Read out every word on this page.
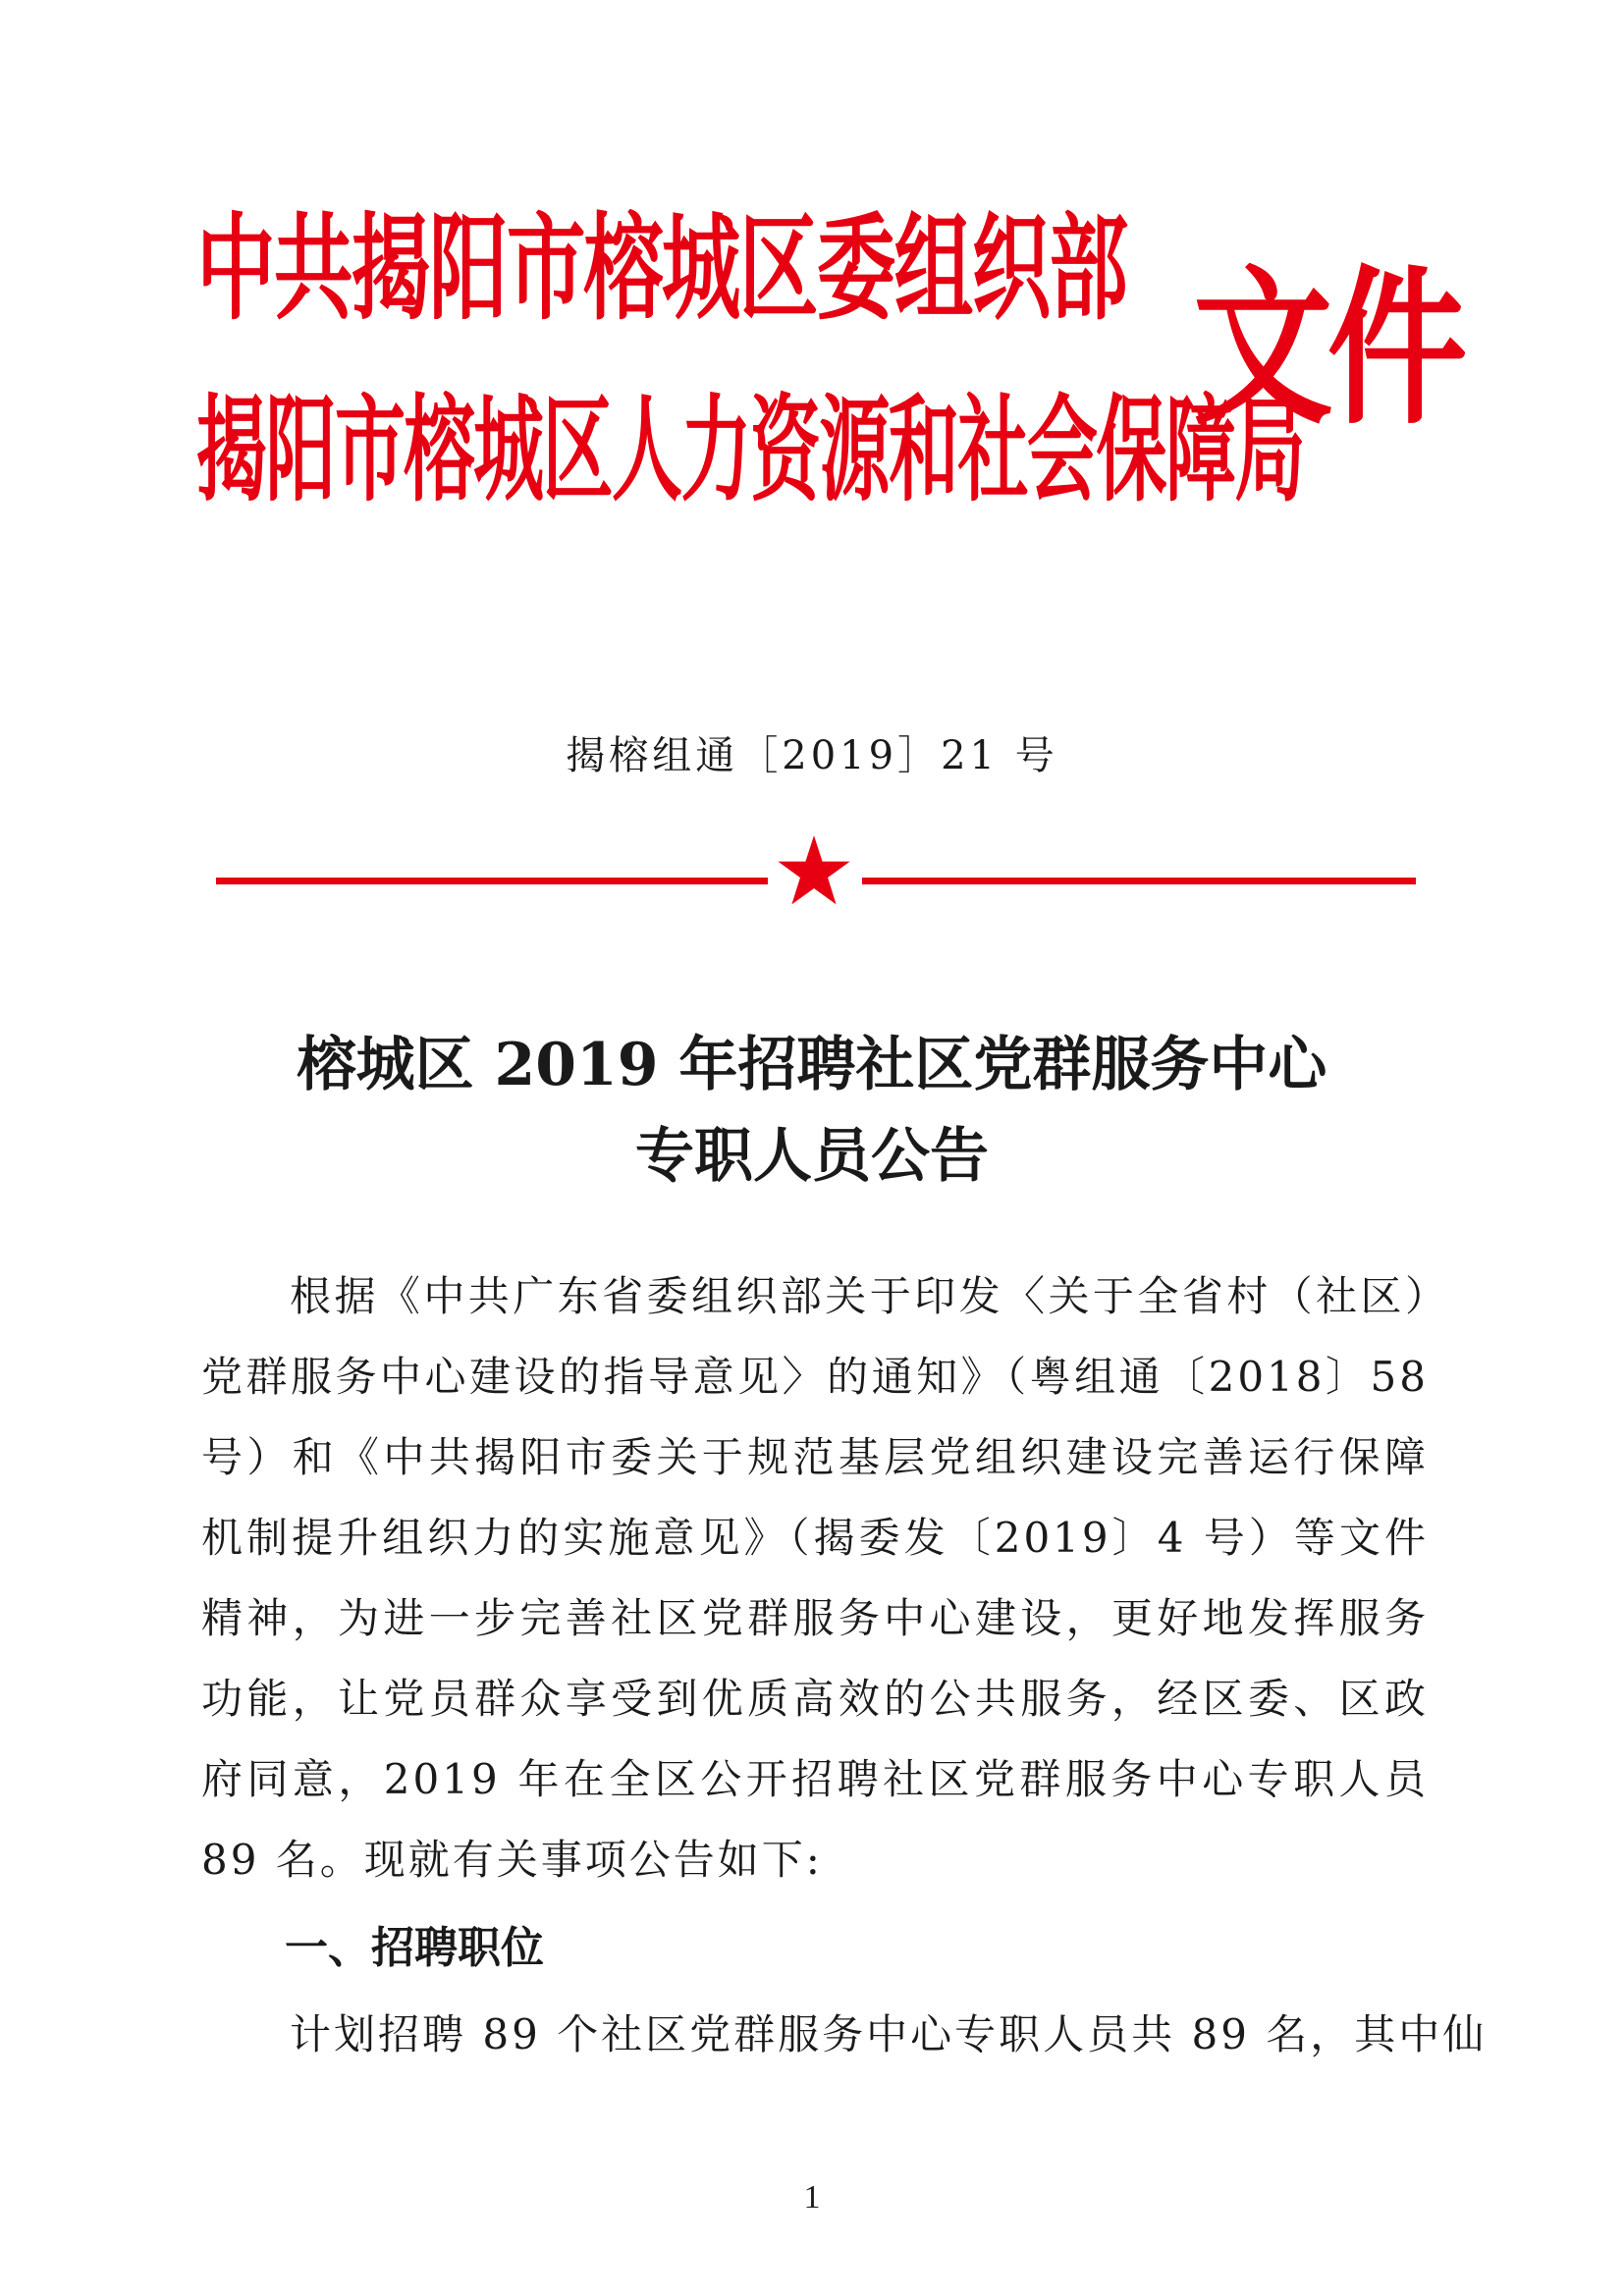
中共揭阳市榕城区委组织部
揭阳市榕城区人力资源和社会保障局
文件
揭榕组通［2019］21 号
榕城区 2019 年招聘社区党群服务中心
专职人员公告

根据《中共广东省委组织部关于印发〈关于全省村（社区）党群服务中心建设的指导意见〉的通知》（粤组通〔2018〕58 号）和《中共揭阳市委关于规范基层党组织建设完善运行保障机制提升组织力的实施意见》（揭委发〔2019〕4 号）等文件精神，为进一步完善社区党群服务中心建设，更好地发挥服务功能，让党员群众享受到优质高效的公共服务，经区委、区政府同意，2019 年在全区公开招聘社区党群服务中心专职人员 89 名。现就有关事项公告如下:

一、招聘职位

计划招聘 89 个社区党群服务中心专职人员共 89 名，其中仙

1
